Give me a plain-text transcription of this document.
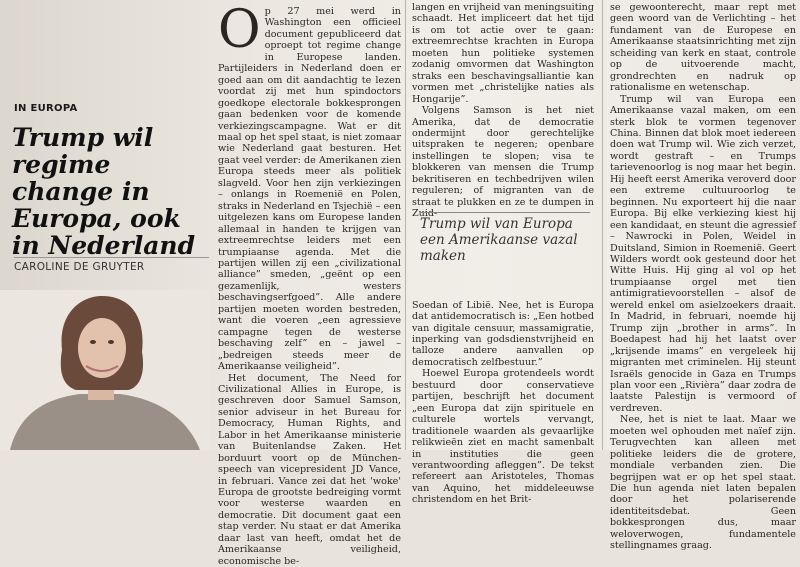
IN EUROPA
Trump wil regime change in Europa, ook in Nederland
CAROLINE DE GRUYTER

Op 27 mei werd in Washington een officieel document gepubliceerd dat oproept tot regime change in Europese landen. Partijleiders in Nederland doen er goed aan om dit aandachtig te lezen voordat zij met hun spindoctors goedkope electorale bokkesprongen gaan bedenken voor de komende verkiezingscampagne. Wat er dit maal op het spel staat, is niet zomaar wie Nederland gaat besturen. Het gaat veel verder: de Amerikanen zien Europa steeds meer als politiek slagveld. Voor hen zijn verkiezingen – onlangs in Roemenië en Polen, straks in Nederland en Tsjechië – een uitgelezen kans om Europese landen allemaal in handen te krijgen van extreemrechtse leiders met een trumpiaanse agenda. Met die partijen willen zij een „civilizational alliance” smeden, „geënt op een gezamenlijk, westers beschavingserfgoed”. Alle andere partijen moeten worden bestreden, want die voeren „een agressieve campagne tegen de westerse beschaving zelf” en – jawel – „bedreigen steeds meer de Amerikaanse veiligheid”.

Het document, The Need for Civilizational Allies in Europe, is geschreven door Samuel Samson, senior adviseur in het Bureau for Democracy, Human Rights, and Labor in het Amerikaanse ministerie van Buitenlandse Zaken. Het borduurt voort op de München-speech van vicepresident JD Vance, in februari. Vance zei dat het 'woke' Europa de grootste bedreiging vormt voor westerse waarden en democratie. Dit document gaat een stap verder. Nu staat er dat Amerika daar last van heeft, omdat het de Amerikaanse veiligheid, economische be-

langen en vrijheid van meningsuiting schaadt. Het impliceert dat het tijd is om tot actie over te gaan: extreemrechtse krachten in Europa moeten hun politieke systemen zodanig omvormen dat Washington straks een beschavingsalliantie kan vormen met „christelijke naties als Hongarije”.

Volgens Samson is het niet Amerika, dat de democratie ondermijnt door gerechtelijke uitspraken te negeren; openbare instellingen te slopen; visa te blokkeren van mensen die Trump bekritiseren en techbedrijven wilen reguleren; of migranten van de straat te plukken en ze te dumpen in Zuid-

Soedan of Libië. Nee, het is Europa dat antidemocratisch is: „Een hotbed van digitale censuur, massamigratie, inperking van godsdienstvrijheid en talloze andere aanvallen op democratisch zelfbestuur.”

Hoewel Europa grotendeels wordt bestuurd door conservatieve partijen, beschrijft het document „een Europa dat zijn spirituele en culturele wortels vervangt, traditionele waarden als gevaarlijke relikwieën ziet en macht samenbalt in instituties die geen verantwoording afleggen”. De tekst refereert aan Aristoteles, Thomas van Aquino, het middeleeuwse christendom en het Brit-

Trump wil van Europa een Amerikaanse vazal maken

se gewoonterecht, maar rept met geen woord van de Verlichting – het fundament van de Europese en Amerikaanse staatsinrichting met zijn scheiding van kerk en staat, controle op de uitvoerende macht, grondrechten en nadruk op rationalisme en wetenschap.

Trump wil van Europa een Amerikaanse vazal maken, om een sterk blok te vormen tegenover China. Binnen dat blok moet iedereen doen wat Trump wil. Wie zich verzet, wordt gestraft – en Trumps tarievenoorlog is nog maar het begin. Hij heeft eerst Amerika veroverd door een extreme cultuuroorlog te beginnen. Nu exporteert hij die naar Europa. Bij elke verkiezing kiest hij een kandidaat, en steunt die agressief – Nawrocki in Polen, Weidel in Duitsland, Simion in Roemenië. Geert Wilders wordt ook gesteund door het Witte Huis. Hij ging al vol op het trumpiaanse orgel met tien antimigratievoorstellen – alsof de wereld enkel om asielzoekers draait. In Madrid, in februari, noemde hij Trump zijn „brother in arms”. In Boedapest had hij het laatst over „krijsende imams” en vergeleek hij migranten met criminelen. Hij steunt Israëls genocide in Gaza en Trumps plan voor een „Rivièra” daar zodra de laatste Palestijn is vermoord of verdreven.

Nee, het is niet te laat. Maar we moeten wel ophouden met naïef zijn. Terugvechten kan alleen met politieke leiders die de grotere, mondiale verbanden zien. Die begrijpen wat er op het spel staat. Die hun agenda niet laten bepalen door het polariserende identiteitsdebat. Geen bokkesprongen dus, maar weloverwogen, fundamentele stellingnames graag.
